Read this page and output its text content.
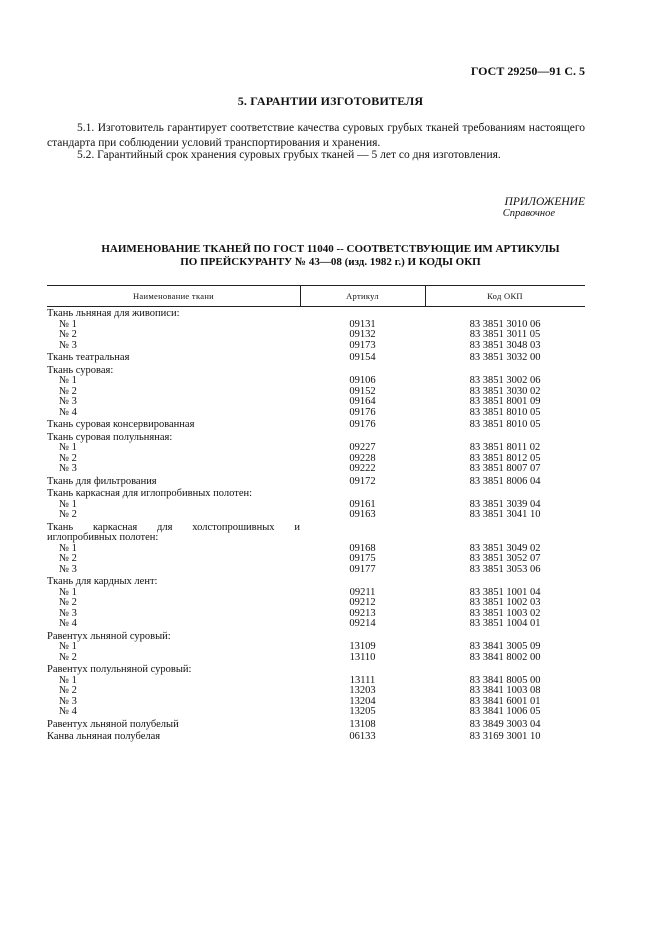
ГОСТ 29250—91 С. 5
5. ГАРАНТИИ ИЗГОТОВИТЕЛЯ
5.1. Изготовитель гарантирует соответствие качества суровых грубых тканей требованиям настоящего стандарта при соблюдении условий транспортирования и хранения.
5.2. Гарантийный срок хранения суровых грубых тканей — 5 лет со дня изготовления.
ПРИЛОЖЕНИЕ
Справочное
НАИМЕНОВАНИЕ ТКАНЕЙ ПО ГОСТ 11040 -- СООТВЕТСТВУЮЩИЕ ИМ АРТИКУЛЫ
ПО ПРЕЙСКУРАНТУ № 43—08 (изд. 1982 г.) И КОДЫ ОКП
Наименование ткани	Артикул	Код ОКП
Ткань льняная для живописи:
№ 1	09131	83 3851 3010 06
№ 2	09132	83 3851 3011 05
№ 3	09173	83 3851 3048 03
Ткань театральная	09154	83 3851 3032 00
Ткань суровая:
№ 1	09106	83 3851 3002 06
№ 2	09152	83 3851 3030 02
№ 3	09164	83 3851 8001 09
№ 4	09176	83 3851 8010 05
Ткань суровая консервированная	09176	83 3851 8010 05
Ткань суровая полульняная:
№ 1	09227	83 3851 8011 02
№ 2	09228	83 3851 8012 05
№ 3	09222	83 3851 8007 07
Ткань для фильтрования	09172	83 3851 8006 04
Ткань каркасная для иглопробивных полотен:
№ 1	09161	83 3851 3039 04
№ 2	09163	83 3851 3041 10
Ткань каркасная для холстопрошивных и иглопробивных полотен:
№ 1	09168	83 3851 3049 02
№ 2	09175	83 3851 3052 07
№ 3	09177	83 3851 3053 06
Ткань для кардных лент:
№ 1	09211	83 3851 1001 04
№ 2	09212	83 3851 1002 03
№ 3	09213	83 3851 1003 02
№ 4	09214	83 3851 1004 01
Равентух льняной суровый:
№ 1	13109	83 3841 3005 09
№ 2	13110	83 3841 8002 00
Равентух полульняной суровый:
№ 1	13111	83 3841 8005 00
№ 2	13203	83 3841 1003 08
№ 3	13204	83 3841 6001 01
№ 4	13205	83 3841 1006 05
Равентух льняной полубелый	13108	83 3849 3003 04
Канва льняная полубелая	06133	83 3169 3001 10
